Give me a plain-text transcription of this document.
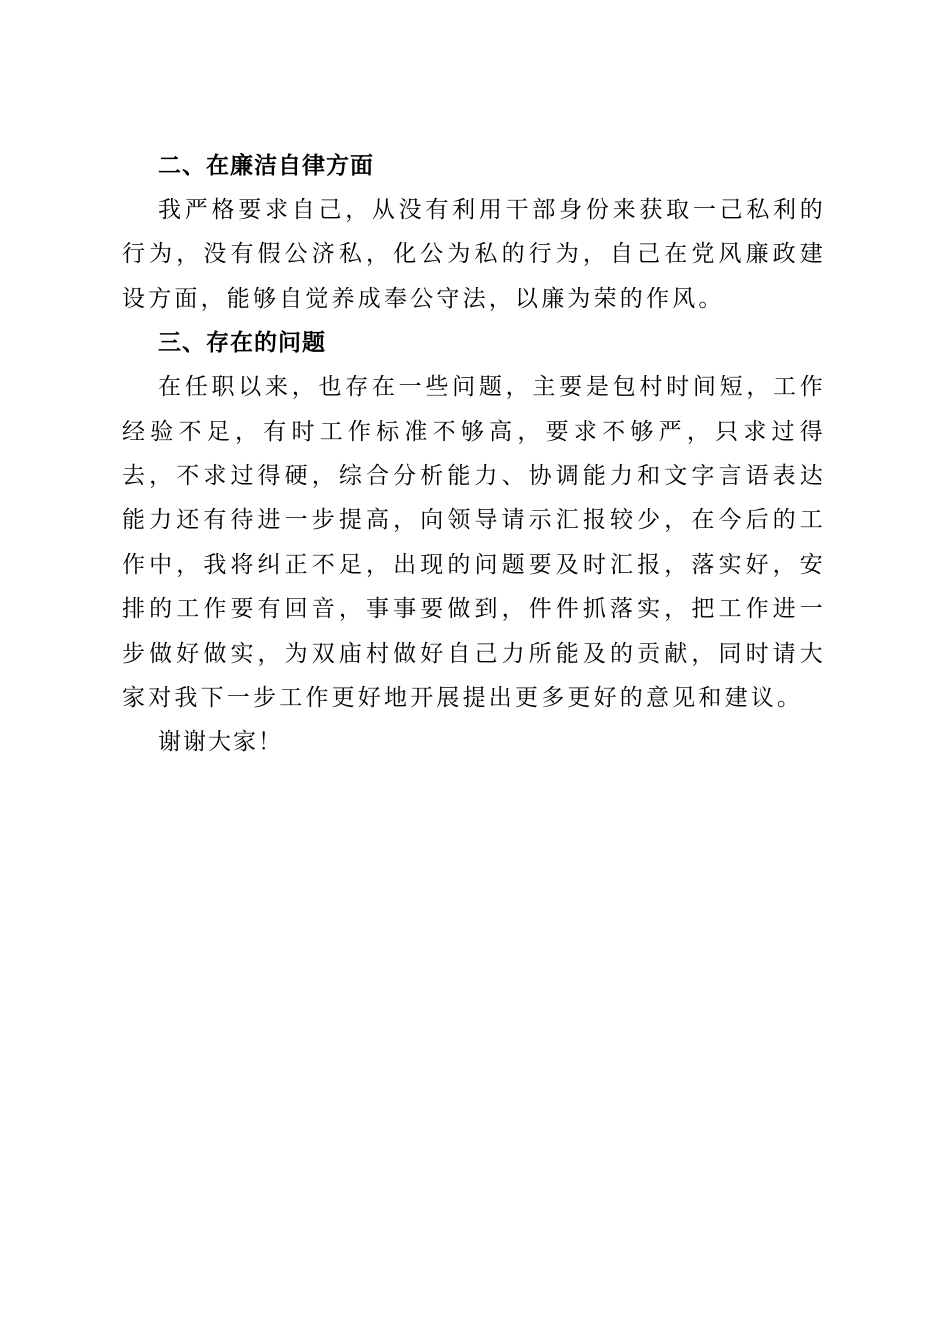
二、在廉洁自律方面

我严格要求自己，从没有利用干部身份来获取一己私利的行为，没有假公济私，化公为私的行为，自己在党风廉政建设方面，能够自觉养成奉公守法，以廉为荣的作风。

三、存在的问题

在任职以来，也存在一些问题，主要是包村时间短，工作经验不足，有时工作标准不够高，要求不够严，只求过得去，不求过得硬，综合分析能力、协调能力和文字言语表达能力还有待进一步提高，向领导请示汇报较少，在今后的工作中，我将纠正不足，出现的问题要及时汇报，落实好，安排的工作要有回音，事事要做到，件件抓落实，把工作进一步做好做实，为双庙村做好自己力所能及的贡献，同时请大家对我下一步工作更好地开展提出更多更好的意见和建议。

谢谢大家！
